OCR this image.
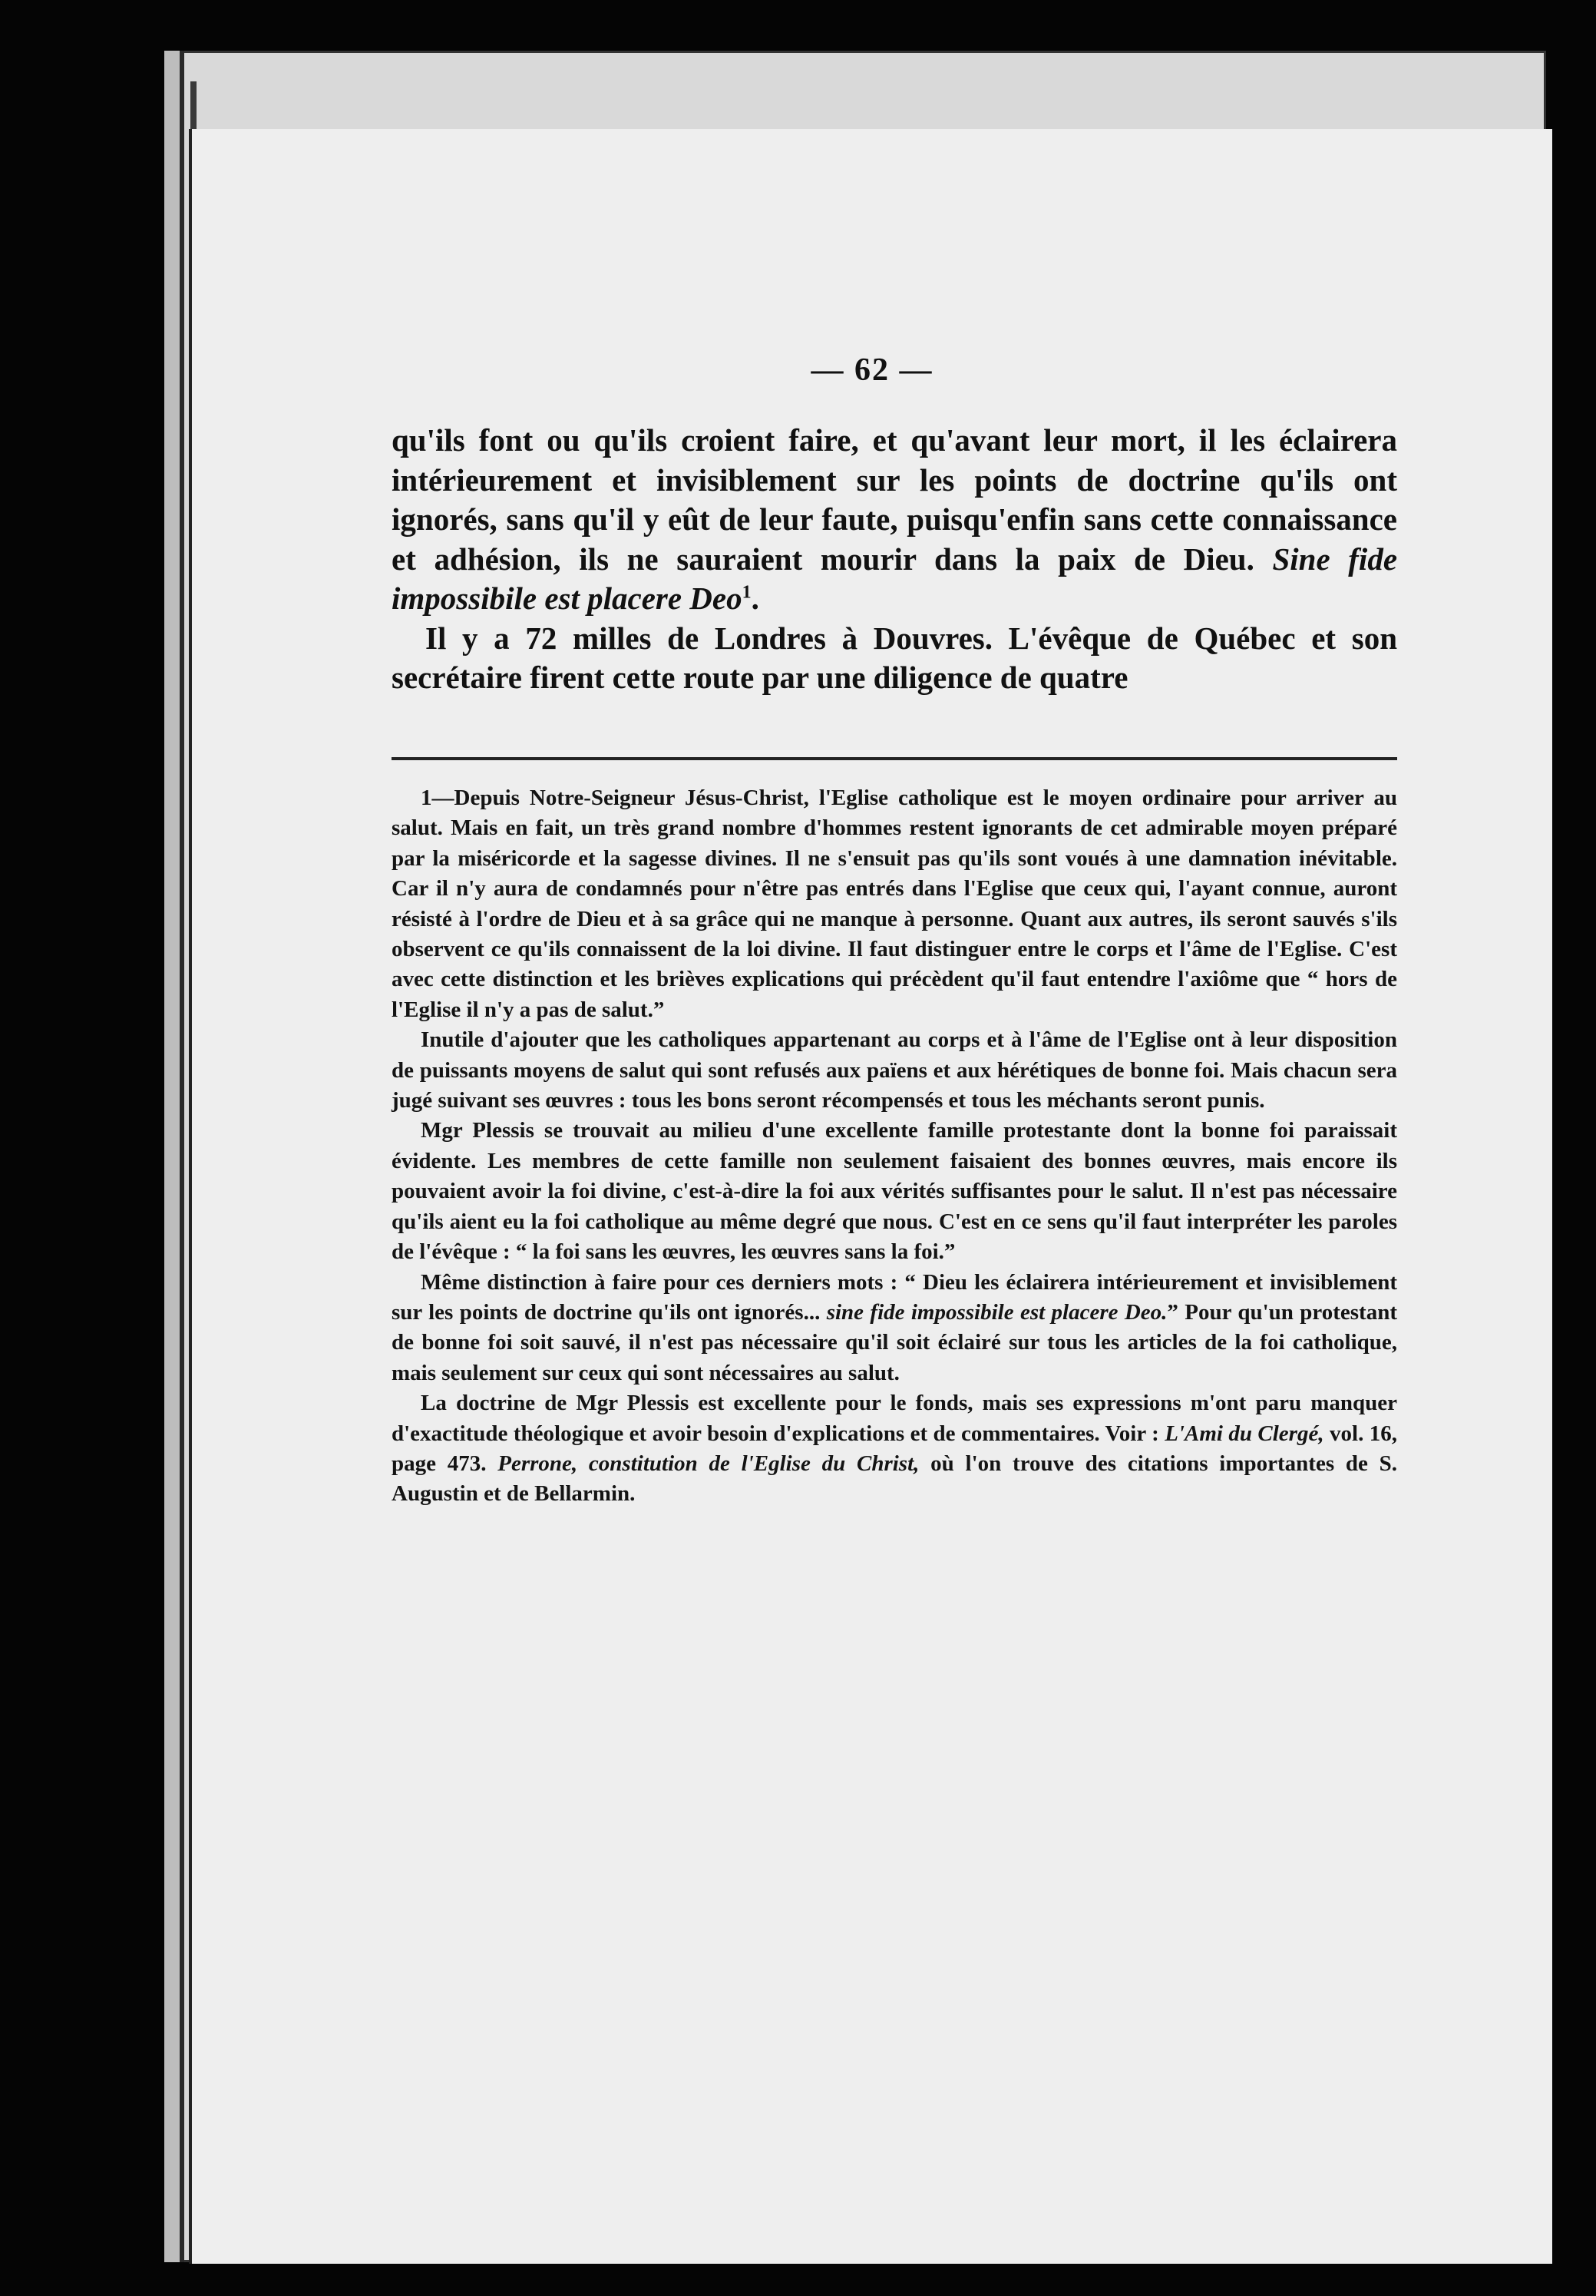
— 62 —

qu'ils font ou qu'ils croient faire, et qu'avant leur mort, il les éclairera intérieurement et invisiblement sur les points de doctrine qu'ils ont ignorés, sans qu'il y eût de leur faute, puisqu'enfin sans cette connaissance et adhésion, ils ne sauraient mourir dans la paix de Dieu. Sine fide impossibile est placere Deo$^1$.

Il y a 72 milles de Londres à Douvres. L'évêque de Québec et son secrétaire firent cette route par une diligence de quatre

1—Depuis Notre-Seigneur Jésus-Christ, l'Eglise catholique est le moyen ordinaire pour arriver au salut. Mais en fait, un très grand nombre d'hommes restent ignorants de cet admirable moyen préparé par la miséricorde et la sagesse divines. Il ne s'ensuit pas qu'ils sont voués à une damnation inévitable. Car il n'y aura de condamnés pour n'être pas entrés dans l'Eglise que ceux qui, l'ayant connue, auront résisté à l'ordre de Dieu et à sa grâce qui ne manque à personne. Quant aux autres, ils seront sauvés s'ils observent ce qu'ils connaissent de la loi divine. Il faut distinguer entre le corps et l'âme de l'Eglise. C'est avec cette distinction et les brièves explications qui précèdent qu'il faut entendre l'axiôme que “ hors de l'Eglise il n'y a pas de salut.”

Inutile d'ajouter que les catholiques appartenant au corps et à l'âme de l'Eglise ont à leur disposition de puissants moyens de salut qui sont refusés aux païens et aux hérétiques de bonne foi. Mais chacun sera jugé suivant ses œuvres : tous les bons seront récompensés et tous les méchants seront punis.

Mgr Plessis se trouvait au milieu d'une excellente famille protestante dont la bonne foi paraissait évidente. Les membres de cette famille non seulement faisaient des bonnes œuvres, mais encore ils pouvaient avoir la foi divine, c'est-à-dire la foi aux vérités suffisantes pour le salut. Il n'est pas nécessaire qu'ils aient eu la foi catholique au même degré que nous. C'est en ce sens qu'il faut interpréter les paroles de l'évêque : “ la foi sans les œuvres, les œuvres sans la foi.”

Même distinction à faire pour ces derniers mots : “ Dieu les éclairera intérieurement et invisiblement sur les points de doctrine qu'ils ont ignorés... sine fide impossibile est placere Deo.” Pour qu'un protestant de bonne foi soit sauvé, il n'est pas nécessaire qu'il soit éclairé sur tous les articles de la foi catholique, mais seulement sur ceux qui sont nécessaires au salut.

La doctrine de Mgr Plessis est excellente pour le fonds, mais ses expressions m'ont paru manquer d'exactitude théologique et avoir besoin d'explications et de commentaires. Voir : L'Ami du Clergé, vol. 16, page 473. Perrone, constitution de l'Eglise du Christ, où l'on trouve des citations importantes de S. Augustin et de Bellarmin.
